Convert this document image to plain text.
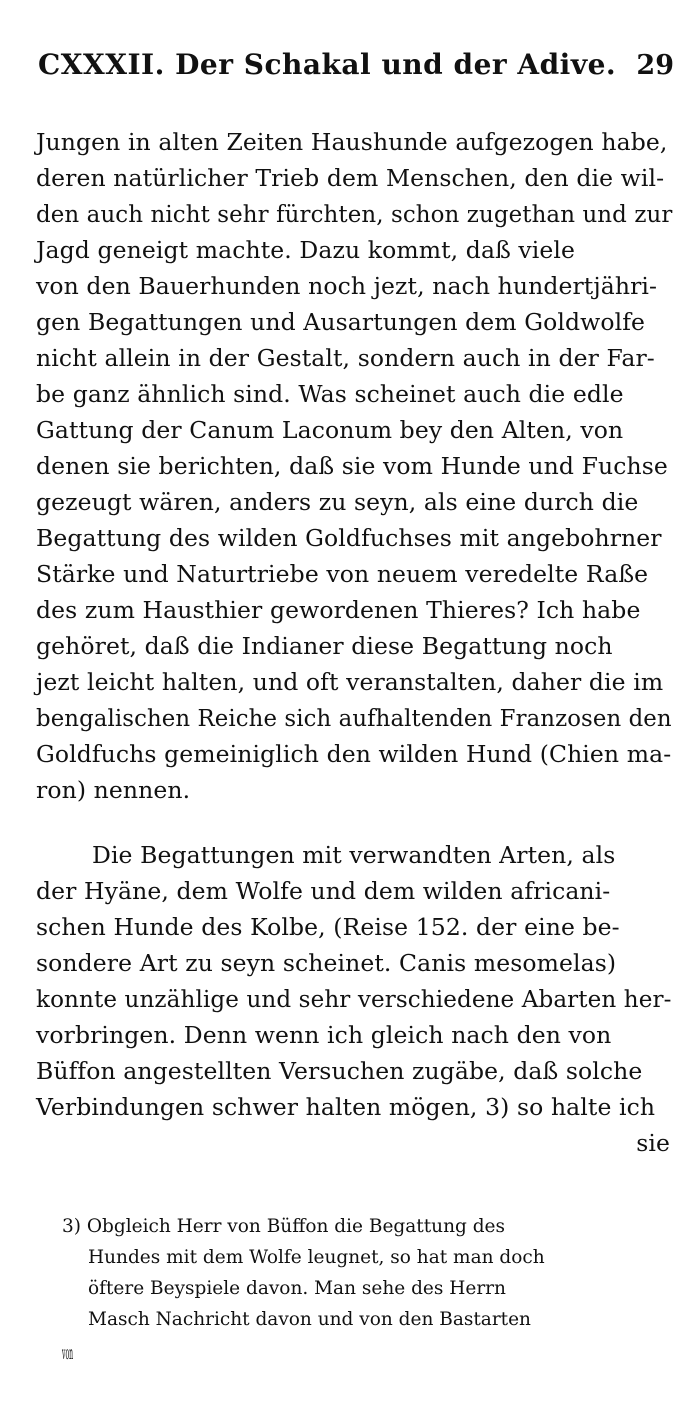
CXXXII. Der Schakal und der Adive. 29
Jungen in alten Zeiten Haushunde aufgezogen habe,
deren natürlicher Trieb dem Menschen, den die wil-
den auch nicht sehr fürchten, schon zugethan und zur
Jagd geneigt machte. Dazu kommt, daß viele
von den Bauerhunden noch jezt, nach hundertjähri-
gen Begattungen und Ausartungen dem Goldwolfe
nicht allein in der Gestalt, sondern auch in der Far-
be ganz ähnlich sind. Was scheinet auch die edle
Gattung der Canum Laconum bey den Alten, von
denen sie berichten, daß sie vom Hunde und Fuchse
gezeugt wären, anders zu seyn, als eine durch die
Begattung des wilden Goldfuchses mit angebohrner
Stärke und Naturtriebe von neuem veredelte Raße
des zum Hausthier gewordenen Thieres? Ich habe
gehöret, daß die Indianer diese Begattung noch
jezt leicht halten, und oft veranstalten, daher die im
bengalischen Reiche sich aufhaltenden Franzosen den
Goldfuchs gemeiniglich den wilden Hund (Chien ma-
ron) nennen.
Die Begattungen mit verwandten Arten, als
der Hyäne, dem Wolfe und dem wilden africani-
schen Hunde des Kolbe, (Reise 152. der eine be-
sondere Art zu seyn scheinet. Canis mesomelas)
konnte unzählige und sehr verschiedene Abarten her-
vorbringen. Denn wenn ich gleich nach den von
Büffon angestellten Versuchen zugäbe, daß solche
Verbindungen schwer halten mögen, 3) so halte ich
sie
3) Obgleich Herr von Büffon die Begattung des
Hundes mit dem Wolfe leugnet, so hat man doch
öftere Beyspiele davon. Man sehe des Herrn
Masch Nachricht davon und von den Bastarten
von
